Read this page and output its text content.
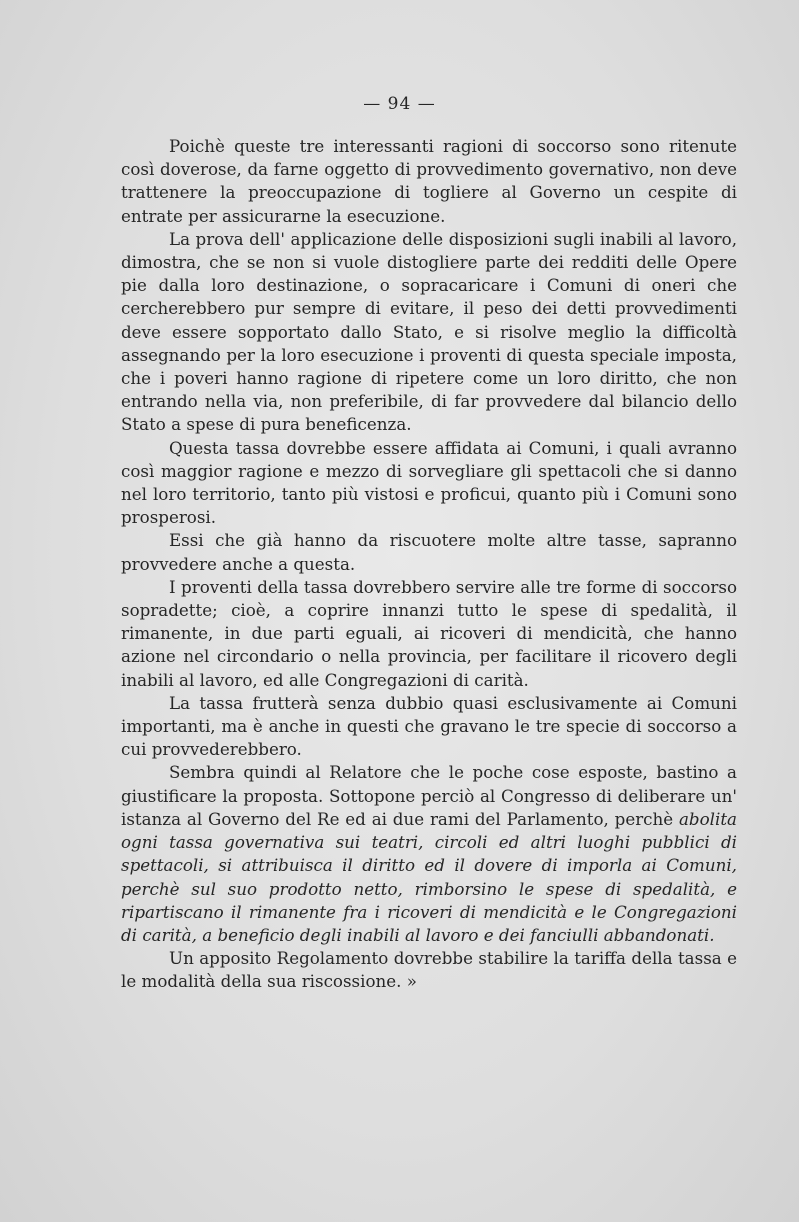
— 94 —

Poichè queste tre interessanti ragioni di soccorso sono ritenute così doverose, da farne oggetto di provvedimento governativo, non deve trattenere la preoccupazione di togliere al Governo un cespite di entrate per assicurarne la esecuzione.

La prova dell' applicazione delle disposizioni sugli inabili al lavoro, dimostra, che se non si vuole distogliere parte dei redditi delle Opere pie dalla loro destinazione, o sopracaricare i Comuni di oneri che cercherebbero pur sempre di evitare, il peso dei detti provvedimenti deve essere sopportato dallo Stato, e si risolve meglio la difficoltà assegnando per la loro esecuzione i proventi di questa speciale imposta, che i poveri hanno ragione di ripetere come un loro diritto, che non entrando nella via, non preferibile, di far provvedere dal bilancio dello Stato a spese di pura beneficenza.

Questa tassa dovrebbe essere affidata ai Comuni, i quali avranno così maggior ragione e mezzo di sorvegliare gli spettacoli che si danno nel loro territorio, tanto più vistosi e proficui, quanto più i Comuni sono prosperosi.

Essi che già hanno da riscuotere molte altre tasse, sapranno provvedere anche a questa.

I proventi della tassa dovrebbero servire alle tre forme di soccorso sopradette; cioè, a coprire innanzi tutto le spese di spedalità, il rimanente, in due parti eguali, ai ricoveri di mendicità, che hanno azione nel circondario o nella provincia, per facilitare il ricovero degli inabili al lavoro, ed alle Congregazioni di carità.

La tassa frutterà senza dubbio quasi esclusivamente ai Comuni importanti, ma è anche in questi che gravano le tre specie di soccorso a cui provvederebbero.

Sembra quindi al Relatore che le poche cose esposte, bastino a giustificare la proposta. Sottopone perciò al Congresso di deliberare un' istanza al Governo del Re ed ai due rami del Parlamento, perchè abolita ogni tassa governativa sui teatri, circoli ed altri luoghi pubblici di spettacoli, si attribuisca il diritto ed il dovere di imporla ai Comuni, perchè sul suo prodotto netto, rimborsino le spese di spedalità, e ripartiscano il rimanente fra i ricoveri di mendicità e le Congregazioni di carità, a beneficio degli inabili al lavoro e dei fanciulli abbandonati.

Un apposito Regolamento dovrebbe stabilire la tariffa della tassa e le modalità della sua riscossione. »
